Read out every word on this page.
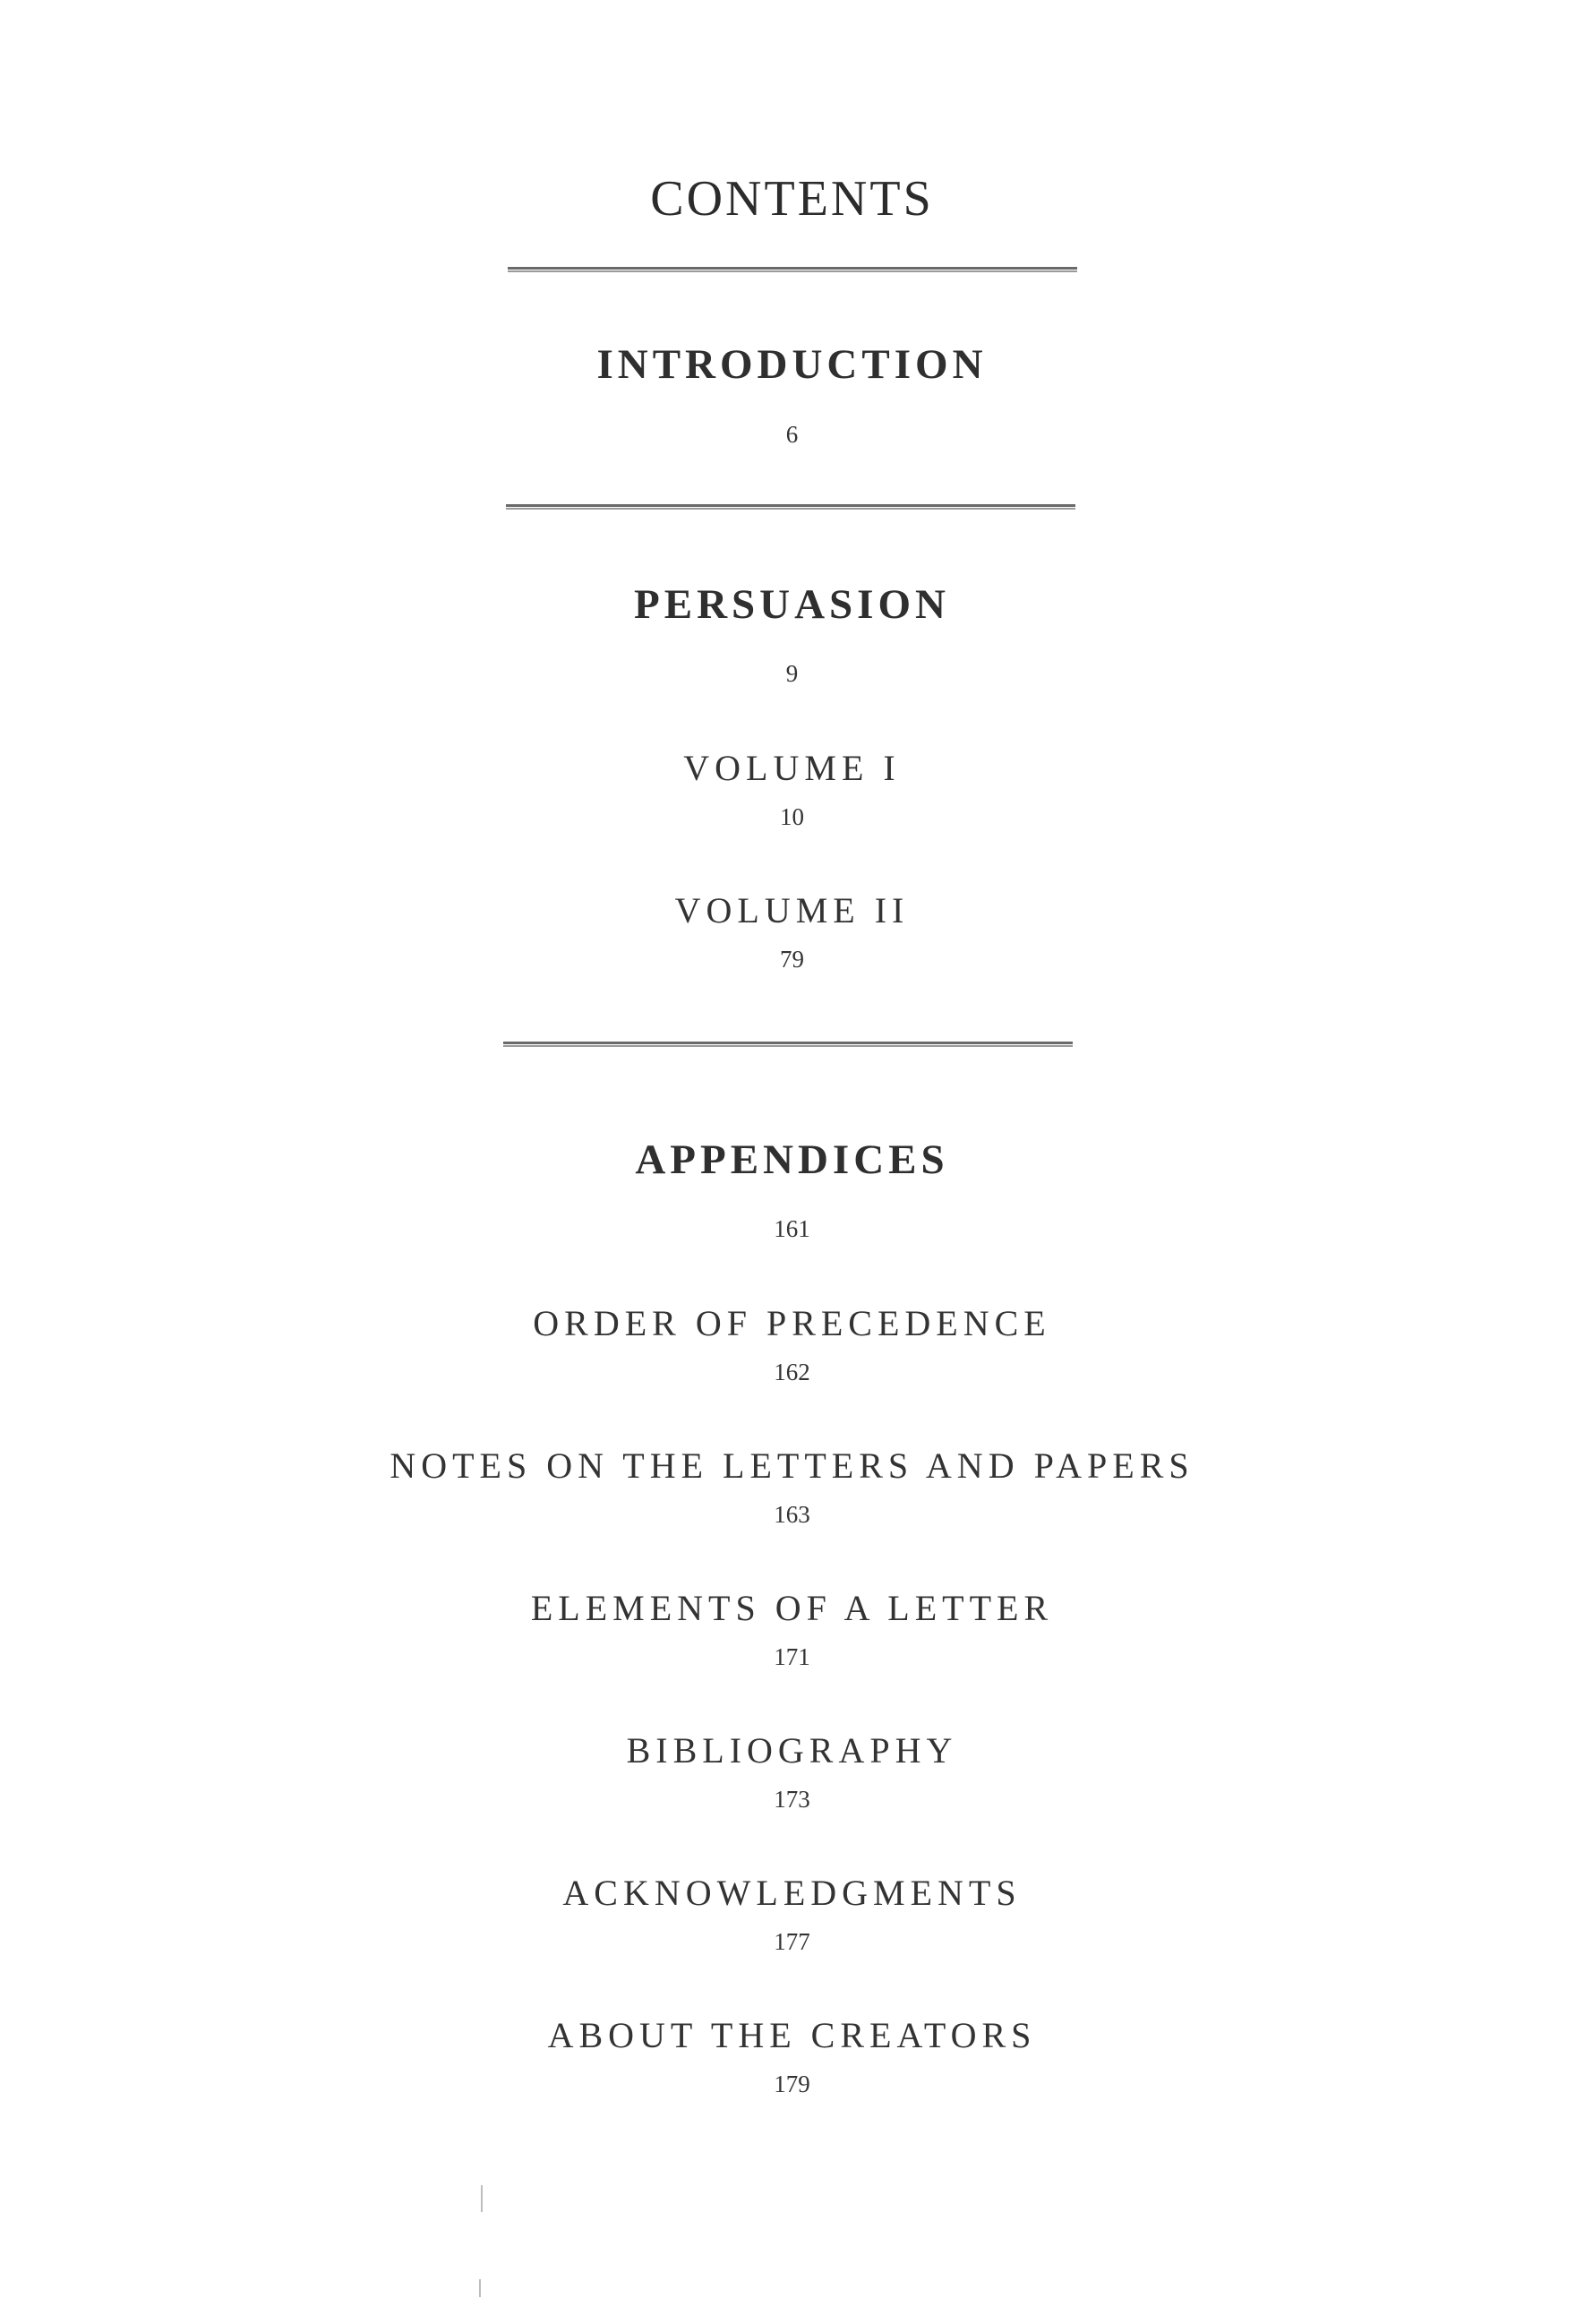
CONTENTS
INTRODUCTION
6
PERSUASION
9
VOLUME I
10
VOLUME II
79
APPENDICES
161
ORDER OF PRECEDENCE
162
NOTES ON THE LETTERS AND PAPERS
163
ELEMENTS OF A LETTER
171
BIBLIOGRAPHY
173
ACKNOWLEDGMENTS
177
ABOUT THE CREATORS
179
